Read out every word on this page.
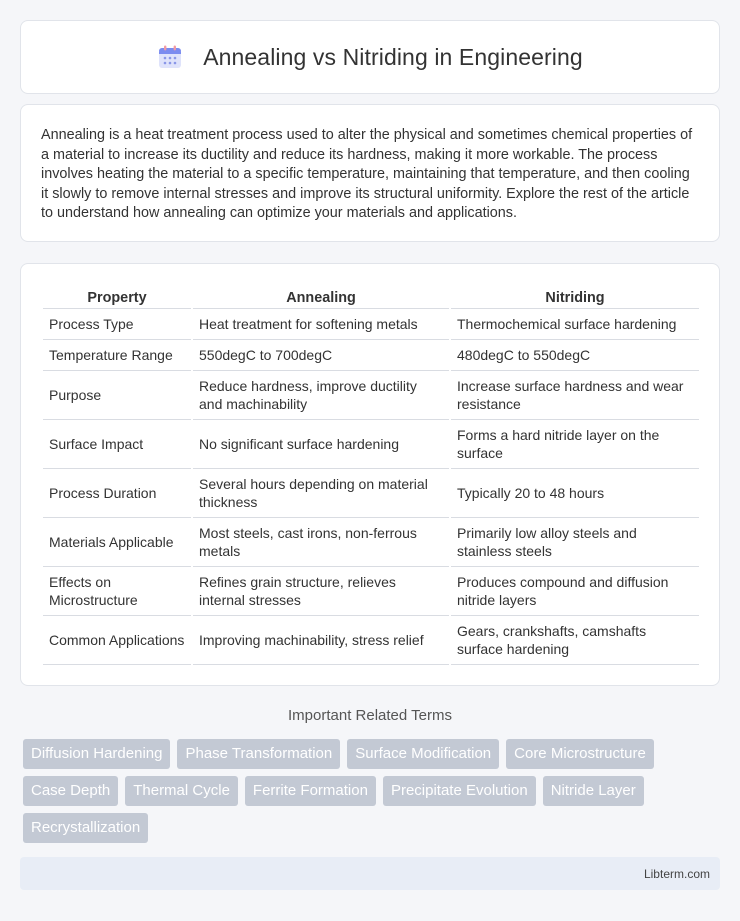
Annealing vs Nitriding in Engineering

Annealing is a heat treatment process used to alter the physical and sometimes chemical properties of a material to increase its ductility and reduce its hardness, making it more workable. The process involves heating the material to a specific temperature, maintaining that temperature, and then cooling it slowly to remove internal stresses and improve its structural uniformity. Explore the rest of the article to understand how annealing can optimize your materials and applications.

Property	Annealing	Nitriding
Process Type	Heat treatment for softening metals	Thermochemical surface hardening
Temperature Range	550degC to 700degC	480degC to 550degC
Purpose	Reduce hardness, improve ductility and machinability	Increase surface hardness and wear resistance
Surface Impact	No significant surface hardening	Forms a hard nitride layer on the surface
Process Duration	Several hours depending on material thickness	Typically 20 to 48 hours
Materials Applicable	Most steels, cast irons, non-ferrous metals	Primarily low alloy steels and stainless steels
Effects on Microstructure	Refines grain structure, relieves internal stresses	Produces compound and diffusion nitride layers
Common Applications	Improving machinability, stress relief	Gears, crankshafts, camshafts surface hardening
Important Related Terms
Diffusion Hardening	Phase Transformation	Surface Modification	Core Microstructure
Case Depth	Thermal Cycle	Ferrite Formation	Precipitate Evolution	Nitride Layer
Recrystallization
Libterm.com
